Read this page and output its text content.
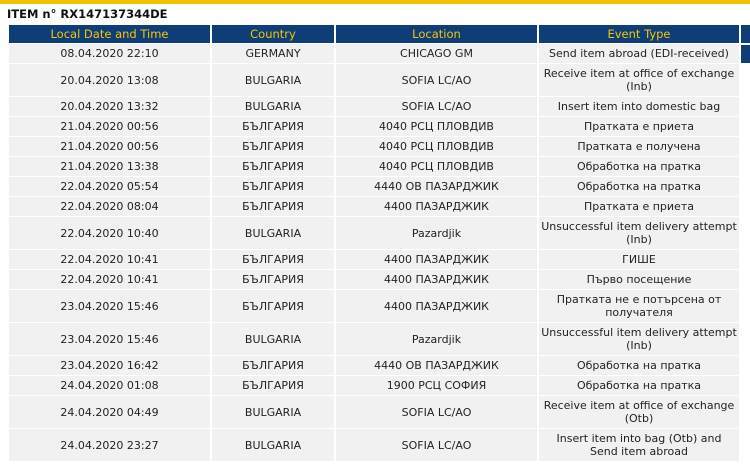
ITEM n° RX147137344DE
Local Date and Time	Country	Location	Event Type
08.04.2020 22:10	GERMANY	CHICAGO GM	Send item abroad (EDI-received)
20.04.2020 13:08	BULGARIA	SOFIA LC/AO	Receive item at office of exchange (Inb)
20.04.2020 13:32	BULGARIA	SOFIA LC/AO	Insert item into domestic bag
21.04.2020 00:56	БЪЛГАРИЯ	4040 РСЦ ПЛОВДИВ	Пратката е приета
21.04.2020 00:56	БЪЛГАРИЯ	4040 РСЦ ПЛОВДИВ	Пратката е получена
21.04.2020 13:38	БЪЛГАРИЯ	4040 РСЦ ПЛОВДИВ	Обработка на пратка
22.04.2020 05:54	БЪЛГАРИЯ	4440 ОВ ПАЗАРДЖИК	Обработка на пратка
22.04.2020 08:04	БЪЛГАРИЯ	4400 ПАЗАРДЖИК	Пратката е приета
22.04.2020 10:40	BULGARIA	Pazardjik	Unsuccessful item delivery attempt (Inb)
22.04.2020 10:41	БЪЛГАРИЯ	4400 ПАЗАРДЖИК	ГИШЕ
22.04.2020 10:41	БЪЛГАРИЯ	4400 ПАЗАРДЖИК	Първо посещение
23.04.2020 15:46	БЪЛГАРИЯ	4400 ПАЗАРДЖИК	Пратката не е потърсена от получателя
23.04.2020 15:46	BULGARIA	Pazardjik	Unsuccessful item delivery attempt (Inb)
23.04.2020 16:42	БЪЛГАРИЯ	4440 ОВ ПАЗАРДЖИК	Обработка на пратка
24.04.2020 01:08	БЪЛГАРИЯ	1900 РСЦ СОФИЯ	Обработка на пратка
24.04.2020 04:49	BULGARIA	SOFIA LC/AO	Receive item at office of exchange (Otb)
24.04.2020 23:27	BULGARIA	SOFIA LC/AO	Insert item into bag (Otb) and Send item abroad
